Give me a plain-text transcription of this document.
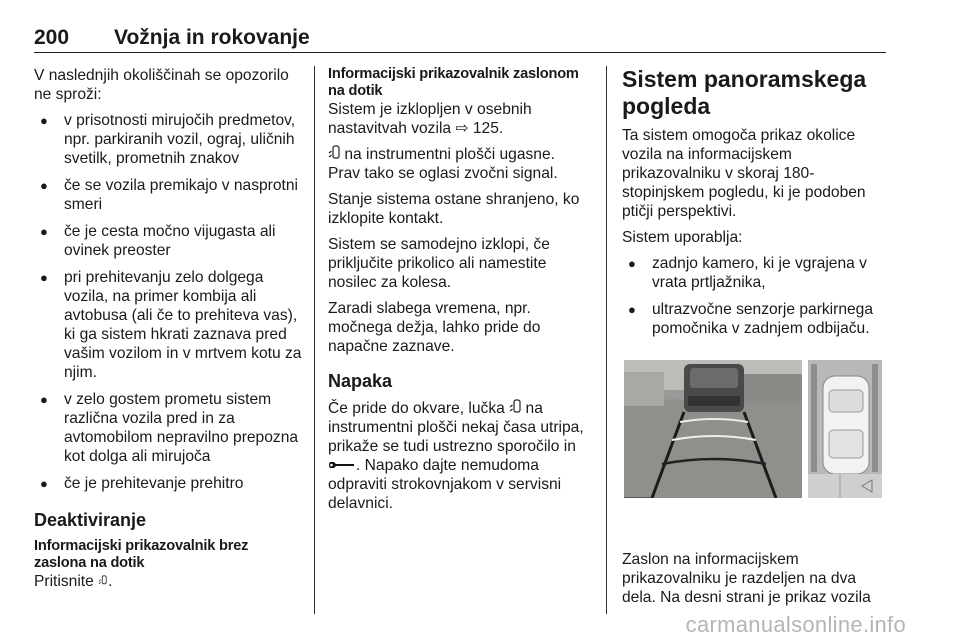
200 Vožnja in rokovanje

V naslednjih okoliščinah se opozorilo ne sproži:

● v prisotnosti mirujočih predmetov, npr. parkiranih vozil, ograj, uličnih svetilk, prometnih znakov
● če se vozila premikajo v nasprotni smeri
● če je cesta močno vijugasta ali ovinek preoster
● pri prehitevanju zelo dolgega vozila, na primer kombija ali avtobusa (ali če to prehiteva vas), ki ga sistem hkrati zaznava pred vašim vozilom in v mrtvem kotu za njim.
● v zelo gostem prometu sistem različna vozila pred in za avtomobilom nepravilno prepozna kot dolga ali mirujoča
● če je prehitevanje prehitro
Deaktiviranje
Informacijski prikazovalnik brez zaslona na dotik
Pritisnite .
Informacijski prikazovalnik zaslonom na dotik

Sistem je izklopljen v osebnih nastavitvah vozila ⇨ 125.

na instrumentni plošči ugasne. Prav tako se oglasi zvočni signal.

Stanje sistema ostane shranjeno, ko izklopite kontakt.

Sistem se samodejno izklopi, če priključite prikolico ali namestite nosilec za kolesa.

Zaradi slabega vremena, npr. močnega dežja, lahko pride do napačne zaznave.

Napaka

Če pride do okvare, lučka na instrumentni plošči nekaj časa utripa, prikaže se tudi ustrezno sporočilo in . Napako dajte nemudoma odpraviti strokovnjakom v servisni delavnici.

Sistem panoramskega pogleda

Ta sistem omogoča prikaz okolice vozila na informacijskem prikazovalniku v skoraj 180-stopinjskem pogledu, ki je podoben ptičji perspektivi.

Sistem uporablja:

● zadnjo kamero, ki je vgrajena v vrata prtljažnika,
● ultrazvočne senzorje parkirnega pomočnika v zadnjem odbijaču.
Zaslon na informacijskem prikazovalniku je razdeljen na dva dela. Na desni strani je prikaz vozila
carmanualsonline.info
